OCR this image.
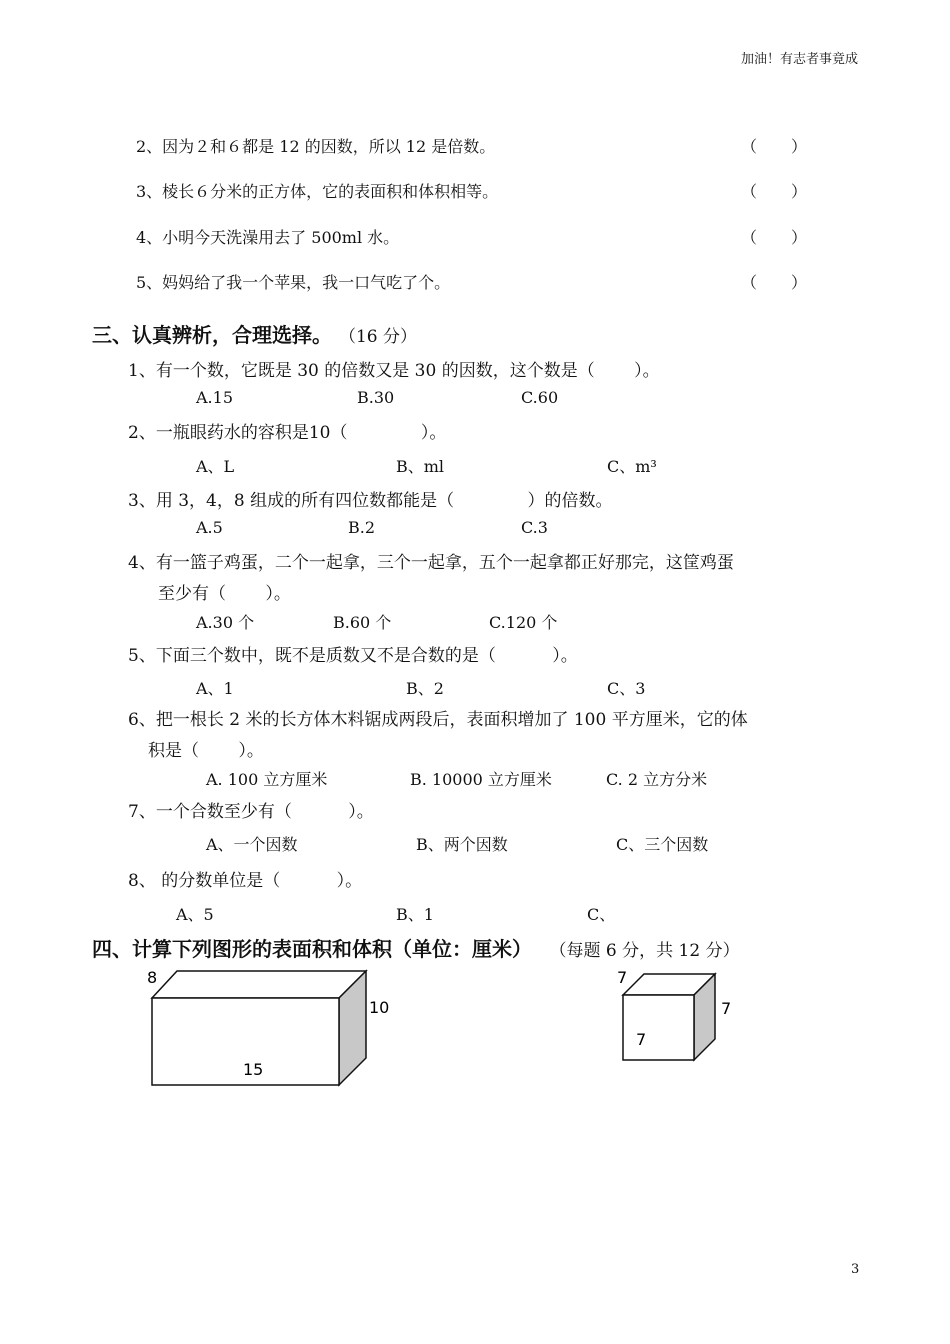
加油！有志者事竟成
2、因为２和６都是 12 的因数，所以 12 是倍数。	（ ）
3、棱长６分米的正方体，它的表面积和体积相等。	（ ）
4、小明今天洗澡用去了 500ml 水。	（ ）
5、妈妈给了我一个苹果，我一口气吃了个。	（ ）
三、认真辨析，合理选择。 （16 分）
1、有一个数，它既是 30 的倍数又是 30 的因数，这个数是（　　 ）。
A.15	B.30	C.60
2、一瓶眼药水的容积是10（　　　　 ）。
A、L	B、ml	C、m³
3、用 3，4，8 组成的所有四位数都能是（　　　　 ）的倍数。
A.5	B.2	C.3
4、有一篮子鸡蛋，二个一起拿，三个一起拿，五个一起拿都正好那完，这筐鸡蛋
至少有（　　 ）。
A.30 个	B.60 个	C.120 个
5、下面三个数中，既不是质数又不是合数的是（　　　 ）。
A、1	B、2	C、3
6、把一根长 2 米的长方体木料锯成两段后，表面积增加了 100 平方厘米，它的体
积是（　　 ）。
A. 100 立方厘米	B. 10000 立方厘米	C. 2 立方分米
7、一个合数至少有（　　　 ）。
A、一个因数	B、两个因数	C、三个因数
8、 的分数单位是（　　　 ）。
A、5	B、1	C、
四、计算下列图形的表面积和体积（单位：厘米） （每题 6 分，共 12 分）
8
10
15
7
7
7
3
